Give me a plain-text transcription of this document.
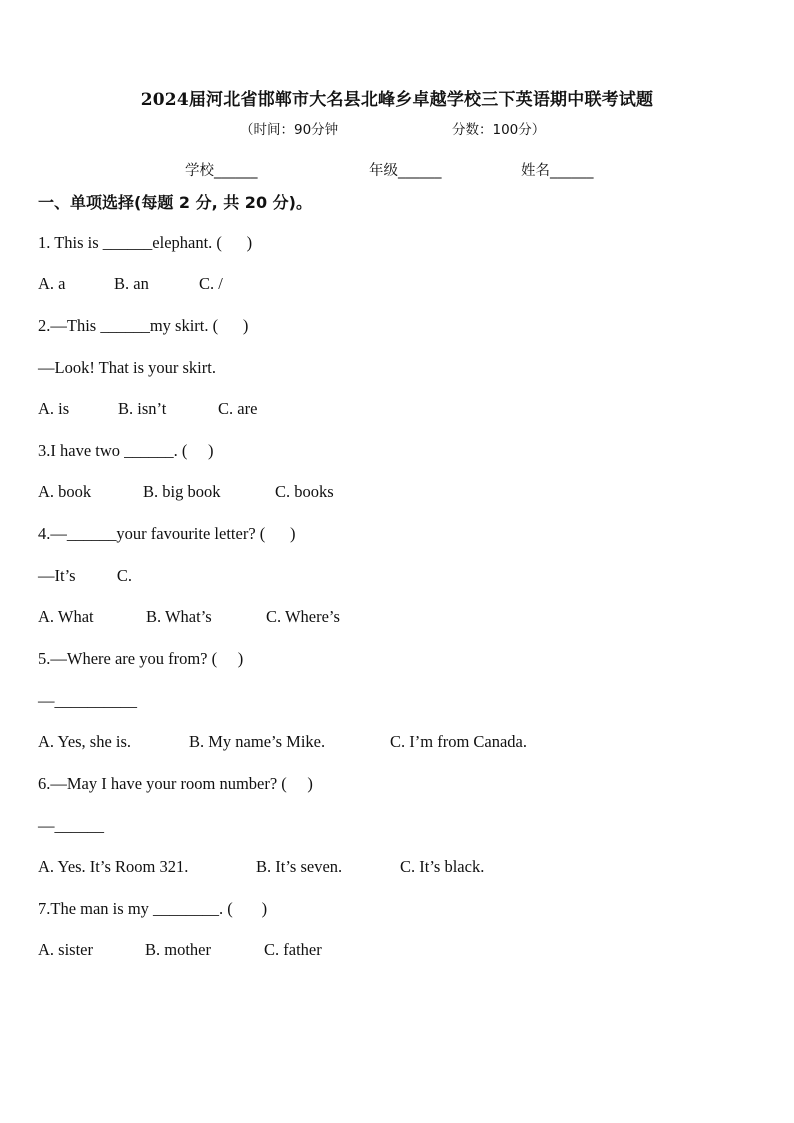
2024届河北省邯郸市大名县北峰乡卓越学校三下英语期中联考试题
（时间：90分钟	分数：100分）
学校______	年级______	姓名______
一、单项选择(每题 2 分, 共 20 分)。
1. This is ______elephant. (      )
A. a	B. an	C. /
2.—This ______my skirt. (      )
—Look! That is your skirt.
A. is	B. isn’t	C. are
3.I have two ______. (     )
A. book	B. big book	C. books
4.—______your favourite letter? (      )
—It’s          C.
A. What	B. What’s	C. Where’s
5.—Where are you from? (     )
—__________
A. Yes, she is.	B. My name’s Mike.	C. I’m from Canada.
6.—May I have your room number? (     )
—______
A. Yes. It’s Room 321.	B. It’s seven.	C. It’s black.
7.The man is my ________. (       )
A. sister	B. mother	C. father
